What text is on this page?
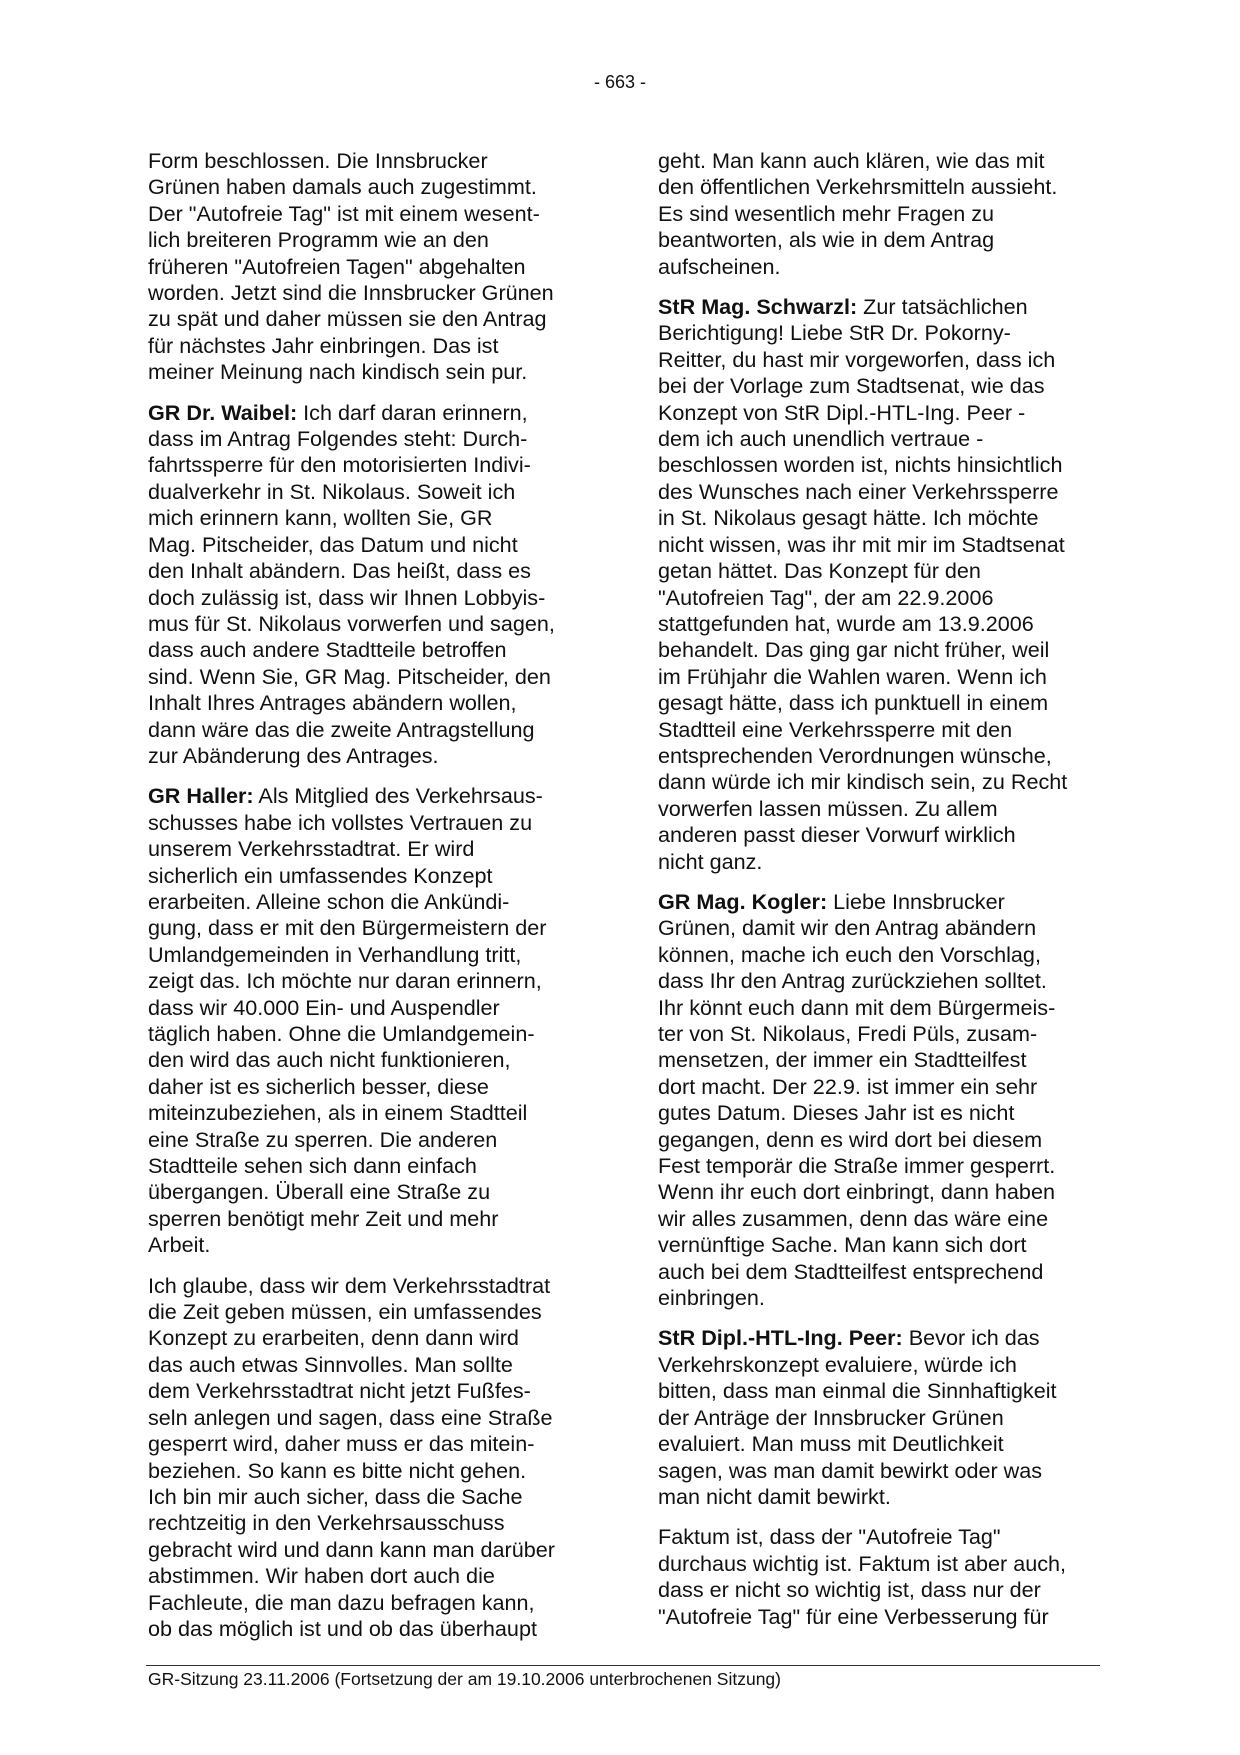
- 663 -
Form beschlossen. Die Innsbrucker
Grünen haben damals auch zugestimmt.
Der "Autofreie Tag" ist mit einem wesent-
lich breiteren Programm wie an den
früheren "Autofreien Tagen" abgehalten
worden. Jetzt sind die Innsbrucker Grünen
zu spät und daher müssen sie den Antrag
für nächstes Jahr einbringen. Das ist
meiner Meinung nach kindisch sein pur.
GR Dr. Waibel: Ich darf daran erinnern,
dass im Antrag Folgendes steht: Durch-
fahrtssperre für den motorisierten Indivi-
dualverkehr in St. Nikolaus. Soweit ich
mich erinnern kann, wollten Sie, GR
Mag. Pitscheider, das Datum und nicht
den Inhalt abändern. Das heißt, dass es
doch zulässig ist, dass wir Ihnen Lobbyis-
mus für St. Nikolaus vorwerfen und sagen,
dass auch andere Stadtteile betroffen
sind. Wenn Sie, GR Mag. Pitscheider, den
Inhalt Ihres Antrages abändern wollen,
dann wäre das die zweite Antragstellung
zur Abänderung des Antrages.
GR Haller: Als Mitglied des Verkehrsaus-
schusses habe ich vollstes Vertrauen zu
unserem Verkehrsstadtrat. Er wird
sicherlich ein umfassendes Konzept
erarbeiten. Alleine schon die Ankündi-
gung, dass er mit den Bürgermeistern der
Umlandgemeinden in Verhandlung tritt,
zeigt das. Ich möchte nur daran erinnern,
dass wir 40.000 Ein- und Auspendler
täglich haben. Ohne die Umlandgemein-
den wird das auch nicht funktionieren,
daher ist es sicherlich besser, diese
miteinzubeziehen, als in einem Stadtteil
eine Straße zu sperren. Die anderen
Stadtteile sehen sich dann einfach
übergangen. Überall eine Straße zu
sperren benötigt mehr Zeit und mehr
Arbeit.
Ich glaube, dass wir dem Verkehrsstadtrat
die Zeit geben müssen, ein umfassendes
Konzept zu erarbeiten, denn dann wird
das auch etwas Sinnvolles. Man sollte
dem Verkehrsstadtrat nicht jetzt Fußfes-
seln anlegen und sagen, dass eine Straße
gesperrt wird, daher muss er das mitein-
beziehen. So kann es bitte nicht gehen.
Ich bin mir auch sicher, dass die Sache
rechtzeitig in den Verkehrsausschuss
gebracht wird und dann kann man darüber
abstimmen. Wir haben dort auch die
Fachleute, die man dazu befragen kann,
ob das möglich ist und ob das überhaupt
geht. Man kann auch klären, wie das mit
den öffentlichen Verkehrsmitteln aussieht.
Es sind wesentlich mehr Fragen zu
beantworten, als wie in dem Antrag
aufscheinen.
StR Mag. Schwarzl: Zur tatsächlichen
Berichtigung! Liebe StR Dr. Pokorny-
Reitter, du hast mir vorgeworfen, dass ich
bei der Vorlage zum Stadtsenat, wie das
Konzept von StR Dipl.-HTL-Ing. Peer -
dem ich auch unendlich vertraue -
beschlossen worden ist, nichts hinsichtlich
des Wunsches nach einer Verkehrssperre
in St. Nikolaus gesagt hätte. Ich möchte
nicht wissen, was ihr mit mir im Stadtsenat
getan hättet. Das Konzept für den
"Autofreien Tag", der am 22.9.2006
stattgefunden hat, wurde am 13.9.2006
behandelt. Das ging gar nicht früher, weil
im Frühjahr die Wahlen waren. Wenn ich
gesagt hätte, dass ich punktuell in einem
Stadtteil eine Verkehrssperre mit den
entsprechenden Verordnungen wünsche,
dann würde ich mir kindisch sein, zu Recht
vorwerfen lassen müssen. Zu allem
anderen passt dieser Vorwurf wirklich
nicht ganz.
GR Mag. Kogler: Liebe Innsbrucker
Grünen, damit wir den Antrag abändern
können, mache ich euch den Vorschlag,
dass Ihr den Antrag zurückziehen solltet.
Ihr könnt euch dann mit dem Bürgermeis-
ter von St. Nikolaus, Fredi Püls, zusam-
mensetzen, der immer ein Stadtteilfest
dort macht. Der 22.9. ist immer ein sehr
gutes Datum. Dieses Jahr ist es nicht
gegangen, denn es wird dort bei diesem
Fest temporär die Straße immer gesperrt.
Wenn ihr euch dort einbringt, dann haben
wir alles zusammen, denn das wäre eine
vernünftige Sache. Man kann sich dort
auch bei dem Stadtteilfest entsprechend
einbringen.
StR Dipl.-HTL-Ing. Peer: Bevor ich das
Verkehrskonzept evaluiere, würde ich
bitten, dass man einmal die Sinnhaftigkeit
der Anträge der Innsbrucker Grünen
evaluiert. Man muss mit Deutlichkeit
sagen, was man damit bewirkt oder was
man nicht damit bewirkt.
Faktum ist, dass der "Autofreie Tag"
durchaus wichtig ist. Faktum ist aber auch,
dass er nicht so wichtig ist, dass nur der
"Autofreie Tag" für eine Verbesserung für
GR-Sitzung 23.11.2006 (Fortsetzung der am 19.10.2006 unterbrochenen Sitzung)
